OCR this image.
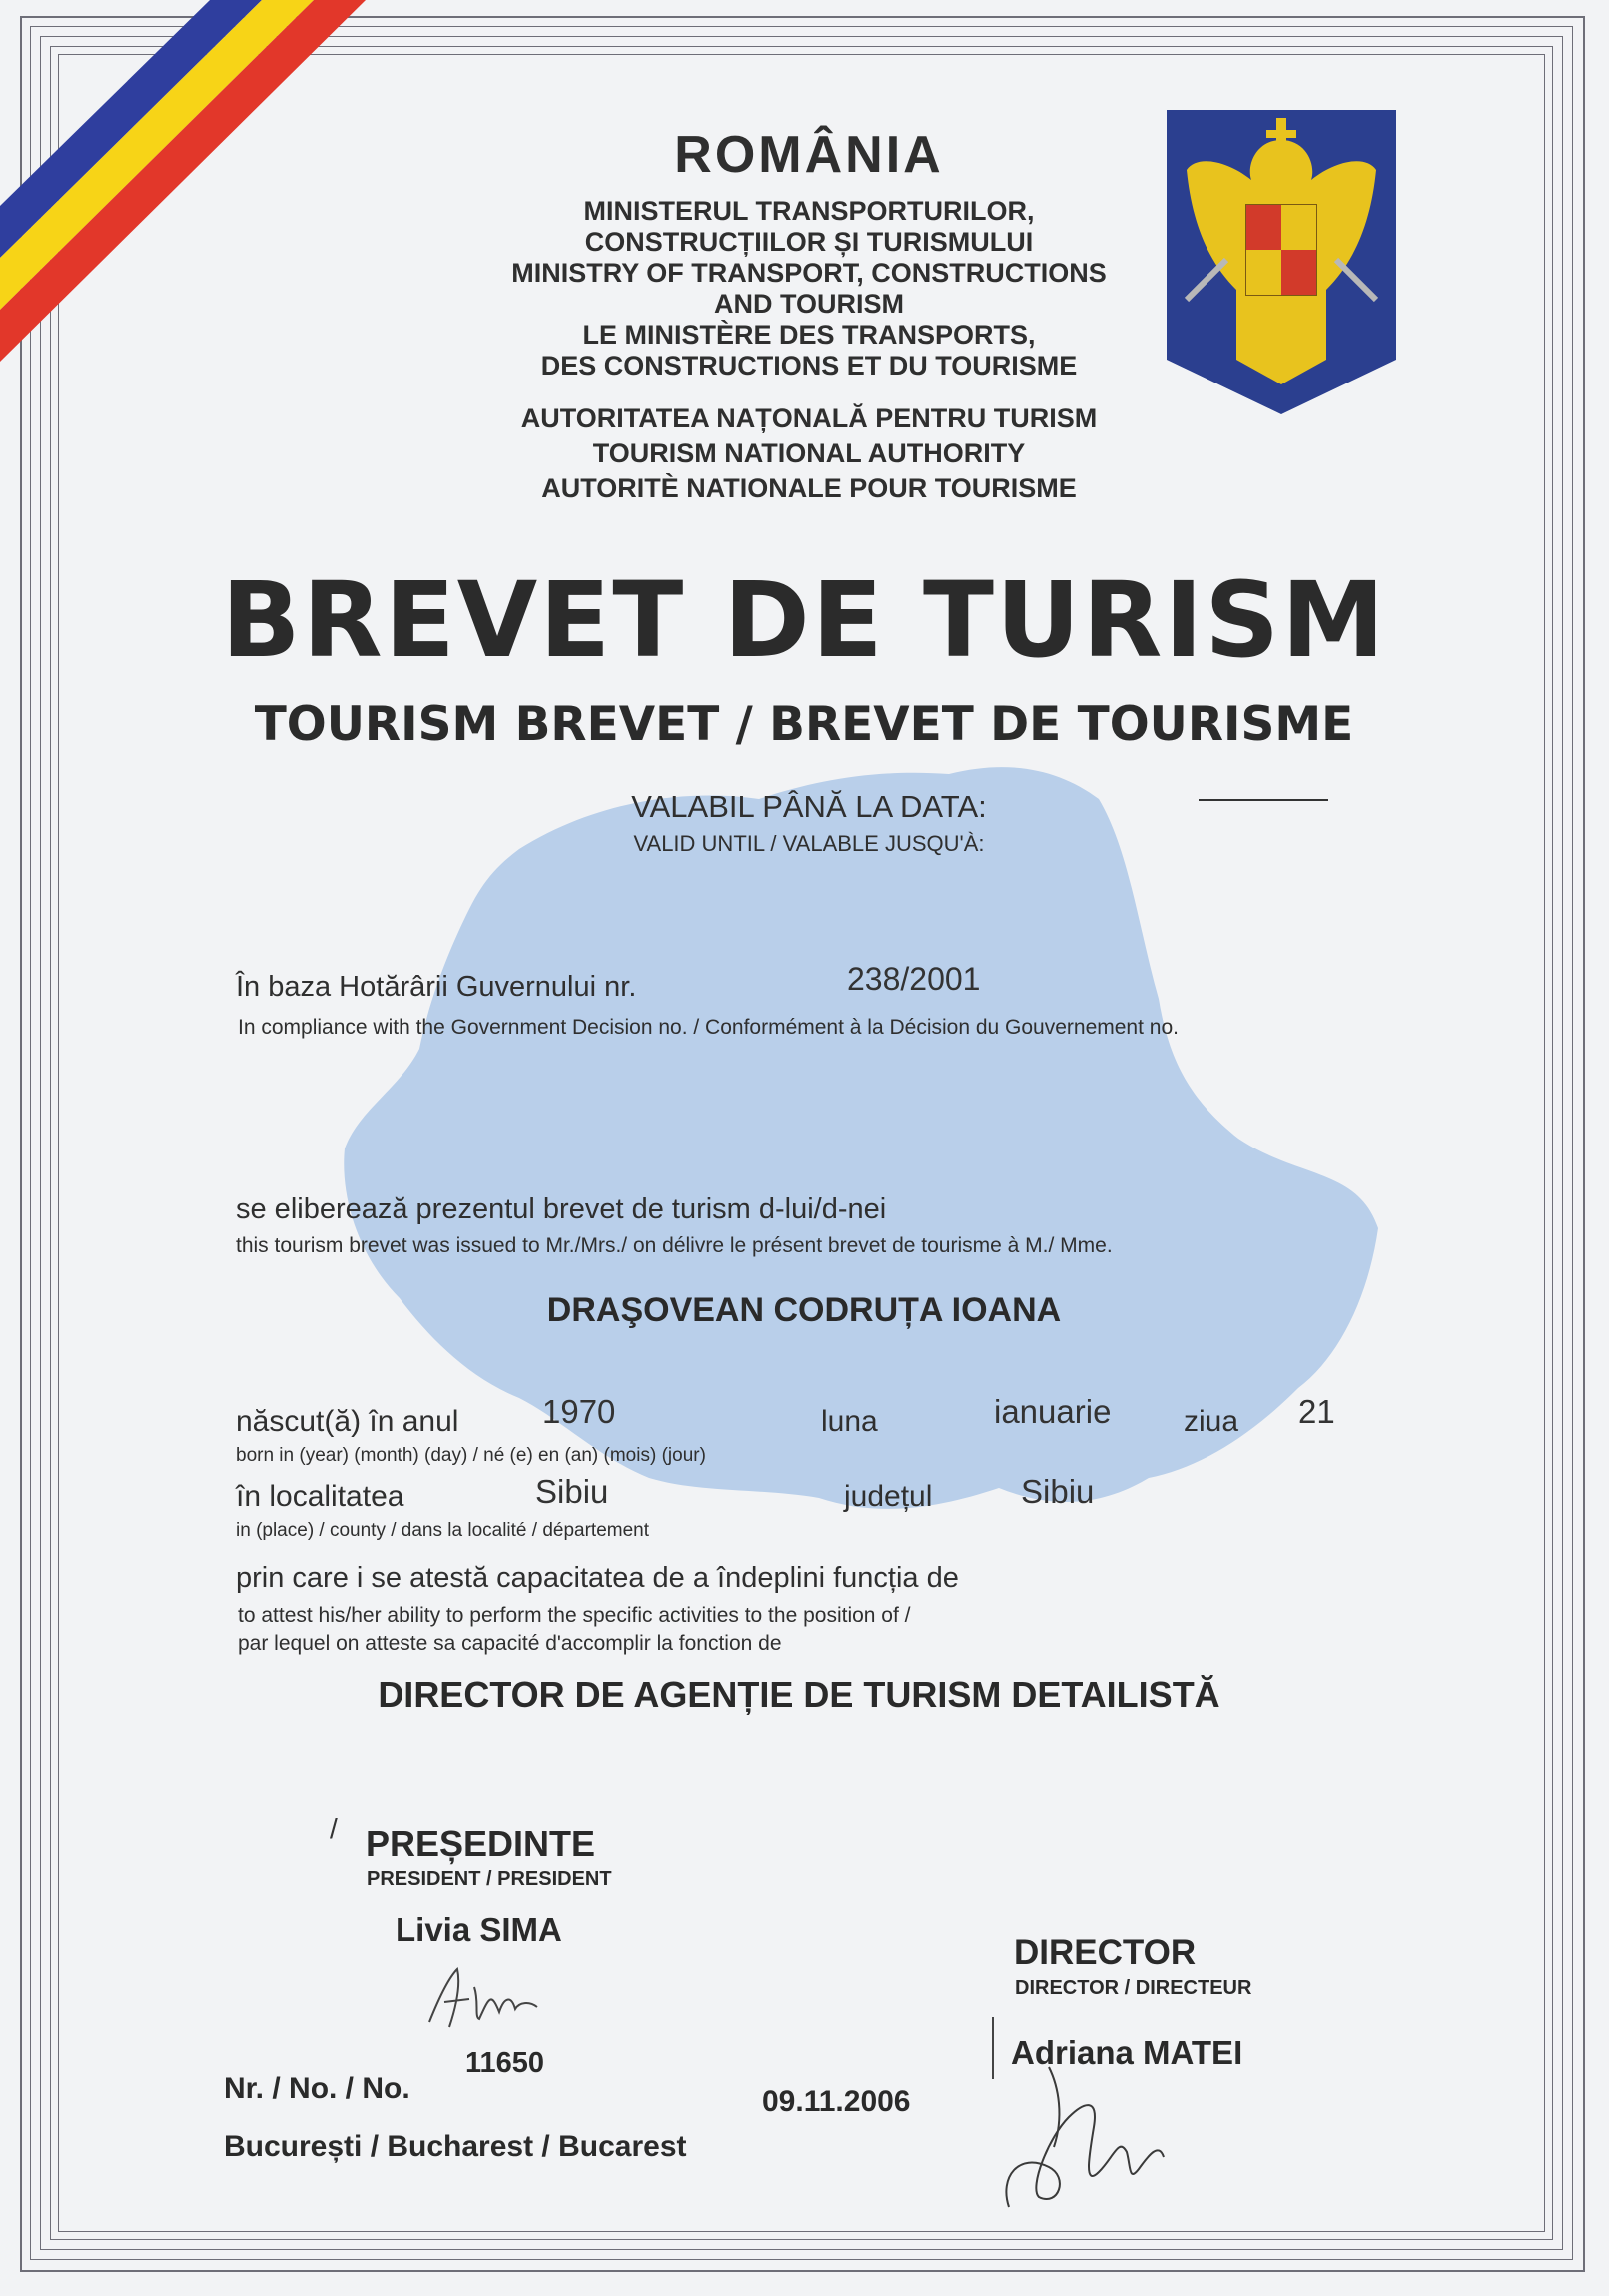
ROMÂNIA
MINISTERUL TRANSPORTURILOR,
CONSTRUCȚIILOR ȘI TURISMULUI
MINISTRY OF TRANSPORT, CONSTRUCTIONS
AND TOURISM
LE MINISTÈRE DES TRANSPORTS,
DES CONSTRUCTIONS ET DU TOURISME
AUTORITATEA NAȚONALĂ PENTRU TURISM
TOURISM NATIONAL AUTHORITY
AUTORITÈ NATIONALE POUR TOURISME
BREVET DE TURISM
TOURISM BREVET / BREVET DE TOURISME
VALABIL PÂNĂ LA DATA:
VALID UNTIL / VALABLE JUSQU'À:
În baza Hotărârii Guvernului nr.	238/2001
In compliance with the Government Decision no. / Conformément à la Décision du Gouvernement no.
se eliberează prezentul brevet de turism d-lui/d-nei
this tourism brevet was issued to Mr./Mrs./ on délivre le présent brevet de tourisme à M./ Mme.
DRAŞOVEAN CODRUȚA IOANA
născut(ă) în anul	1970	luna	ianuarie ziua 21
born in (year) (month) (day) / né (e) en (an) (mois) (jour)
în localitatea	Sibiu	județul	Sibiu
in (place) / county / dans la localité / département
prin care i se atestă capacitatea de a îndeplini funcția de
to attest his/her ability to perform the specific activities to the position of /
par lequel on atteste sa capacité d'accomplir la fonction de
DIRECTOR DE AGENȚIE DE TURISM DETAILISTĂ
/ PREȘEDINTE
PRESIDENT / PRESIDENT
Livia SIMA
DIRECTOR
DIRECTOR / DIRECTEUR
Adriana MATEI
11650
Nr. / No. / No.	09.11.2006
București / Bucharest / Bucarest
